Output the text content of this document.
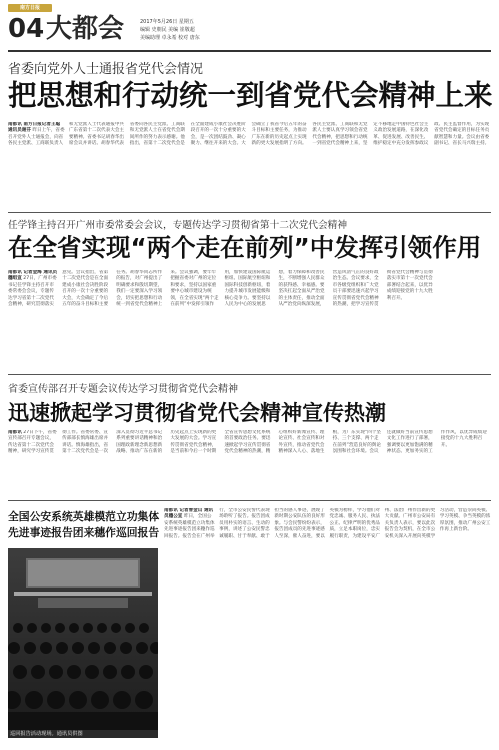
南方日报
04 大都会	2017年5月26日 星期五
编辑 史朝民 美编 崔敬超
美编助理 卓永希 校对 唐东
省委向党外人士通报省党代会情况
把思想和行动统一到省党代会精神上来
南都讯 南方日报记者王聪 通讯员谢芬 昨日上午，省委召开党外人士通报会，向省各民主党派、工商联负责人和无党派人士代表通报中共广东省第十二次代表大会主要精神。省委书记胡春华出席会议并讲话。胡春华代表省委向各民主党派、工商联和无党派人士在省党代会期间所作的努力表示感谢。他指出，省第十二次党代会是在全面建成小康社会决胜阶段召开的一次十分重要的大会，是一次团结鼓劲、凝心聚力、继往开来的大会。大会确立了我省今后五年的奋斗目标和主要任务，为推动广东在新的历史起点上实现新的更大发展指明了方向。各民主党派、工商联和无党派人士要认真学习领会省党代会精神，把思想和行动统一到省党代会精神上来，坚定不移地走中国特色社会主义政治发展道路，在深化改革、促进发展、改善民生、维护稳定中充分发挥参政议政、民主监督作用，为实现省党代会确定的目标任务贡献智慧和力量。会议由省委副书记、省长马兴瑞主持。
任学锋主持召开广州市委常委会会议，专题传达学习贯彻省第十二次党代会精神
在全省实现“两个走在前列”中发挥引领作用
南都讯 记者金海 通讯员穗组宣 27日，广州市委书记任学锋主持召开市委常委会会议，专题传达学习省第十二次党代会精神，研究贯彻落实意见。会议指出，省第十二次党代会是在全面建成小康社会决胜阶段召开的一次十分重要的大会，大会确定了今后五年的奋斗目标和主要任务。胡春华同志所作的报告，对广州提出了明确要求和殷切期望，我们一定要深入学习领会，切实把思想和行动统一到省党代会精神上来。会议强调，要牢牢把握省委对广州的定位和要求，坚持以国家重要中心城市建设为统领，在全省实现“两个走在前列”中发挥引领作用，加快建设国际航运枢纽、国际航空枢纽和国际科技创新枢纽，着力提升城市发展能级和核心竞争力。要坚持以人民为中心的发展思想，着力保障和改善民生，不断增强人民群众的获得感、幸福感。要坚决扛起全面从严治党的主体责任，推动全面从严治党向纵深发展，营造风清气正的良好政治生态。会议要求，全市各级党组织和广大党员干部要迅速兴起学习宣传贯彻省党代会精神的热潮，把学习宣传贯彻省党代会精神与贯彻落实市第十一次党代会部署结合起来，以优异成绩迎接党的十九大胜利召开。
省委宣传部召开专题会议传达学习贯彻省党代会精神
迅速掀起学习贯彻省党代会精神宣传热潮
南都讯 27日下午，省委宣传部召开专题会议，传达省第十二次党代会精神，研究学习宣传贯彻工作。省委常委、宣传部部长慎海雄出席并讲话。慎海雄指出，省第十二次党代会是一次深入贯彻习近平总书记系列重要讲话精神和治国理政新理念新思想新战略、推动广东在新的历史起点上实现新的更大发展的大会。学习宣传贯彻省党代会精神，是当前和今后一个时期全省宣传思想文化系统的首要政治任务。要迅速掀起学习宣传贯彻省党代会精神的热潮，精心组织好新闻宣传、理论宣传、社会宣传和对外宣传，推动省党代会精神深入人心、落地生根，为广东实现“四个坚持、三个支撑、两个走在前列”营造良好的舆论氛围和社会环境。会议还就做好当前宣传思想文化工作进行了部署，强调要以更加饱满的精神状态、更加务实的工作作风，以优异成绩迎接党的十九大胜利召开。
全国公安系统英雄模范立功集体
先进事迹报告团来穗作巡回报告
巡回报告活动现场。通讯员供图
南都讯 记者曾金山 通讯员穗公宣 昨日，全国公安系统英雄模范立功集体先进事迹报告团来穗作巡回报告。报告会在广州举行，全市公安民警代表现场聆听了报告。报告团成员用朴实的语言、生动的事例，讲述了公安民警忠诚履职、甘于奉献、敢于担当的感人事迹，展现了新时期公安队伍的良好形象。与会民警纷纷表示，报告团成员的先进事迹感人至深，催人奋进，要以英模为榜样，学习他们对党忠诚、服务人民、执法公正、纪律严明的优秀品质，立足本职岗位，忠实履行职责，为建设平安广州、法治广州作出新的更大贡献。广州市公安局有关负责人表示，要以此次报告会为契机，在全市公安机关深入开展向英模学习活动，营造崇尚英模、学习英模、争当英模的浓厚氛围，推动广州公安工作再上新台阶。
